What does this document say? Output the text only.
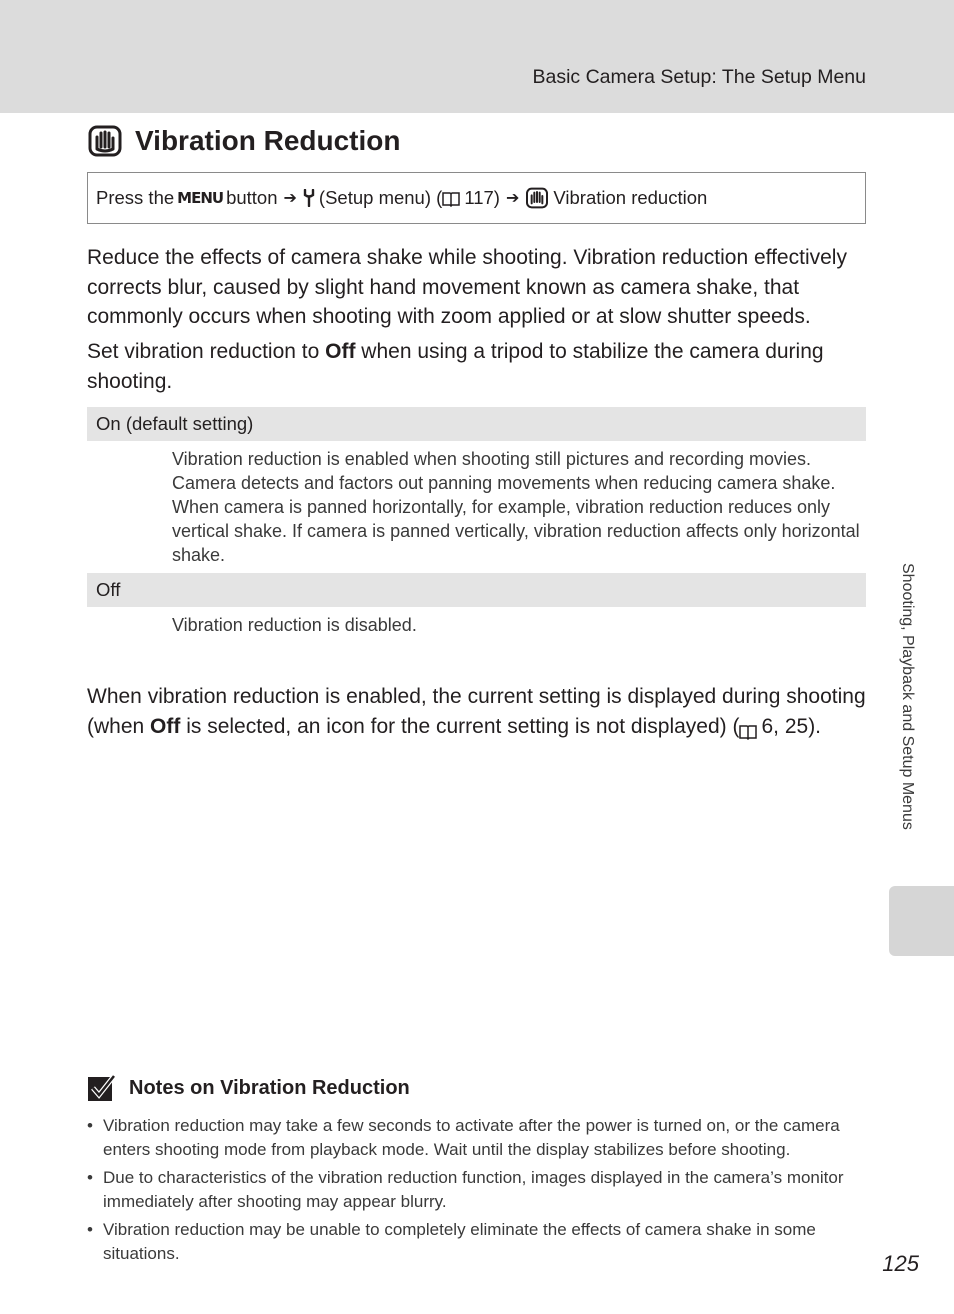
Basic Camera Setup: The Setup Menu
Vibration Reduction
Press the MENU button ➔ (Setup menu) ( 117) ➔ Vibration reduction

Reduce the effects of camera shake while shooting. Vibration reduction effectively corrects blur, caused by slight hand movement known as camera shake, that commonly occurs when shooting with zoom applied or at slow shutter speeds.

Set vibration reduction to Off when using a tripod to stabilize the camera during shooting.

On (default setting)

Vibration reduction is enabled when shooting still pictures and recording movies. Camera detects and factors out panning movements when reducing camera shake. When camera is panned horizontally, for example, vibration reduction reduces only vertical shake. If camera is panned vertically, vibration reduction affects only horizontal shake.

Off

Vibration reduction is disabled.

When vibration reduction is enabled, the current setting is displayed during shooting (when Off is selected, an icon for the current setting is not displayed) ( 6, 25).

Notes on Vibration Reduction
• Vibration reduction may take a few seconds to activate after the power is turned on, or the camera enters shooting mode from playback mode. Wait until the display stabilizes before shooting.
• Due to characteristics of the vibration reduction function, images displayed in the camera’s monitor immediately after shooting may appear blurry.
• Vibration reduction may be unable to completely eliminate the effects of camera shake in some situations.
Shooting, Playback and Setup Menus
125
